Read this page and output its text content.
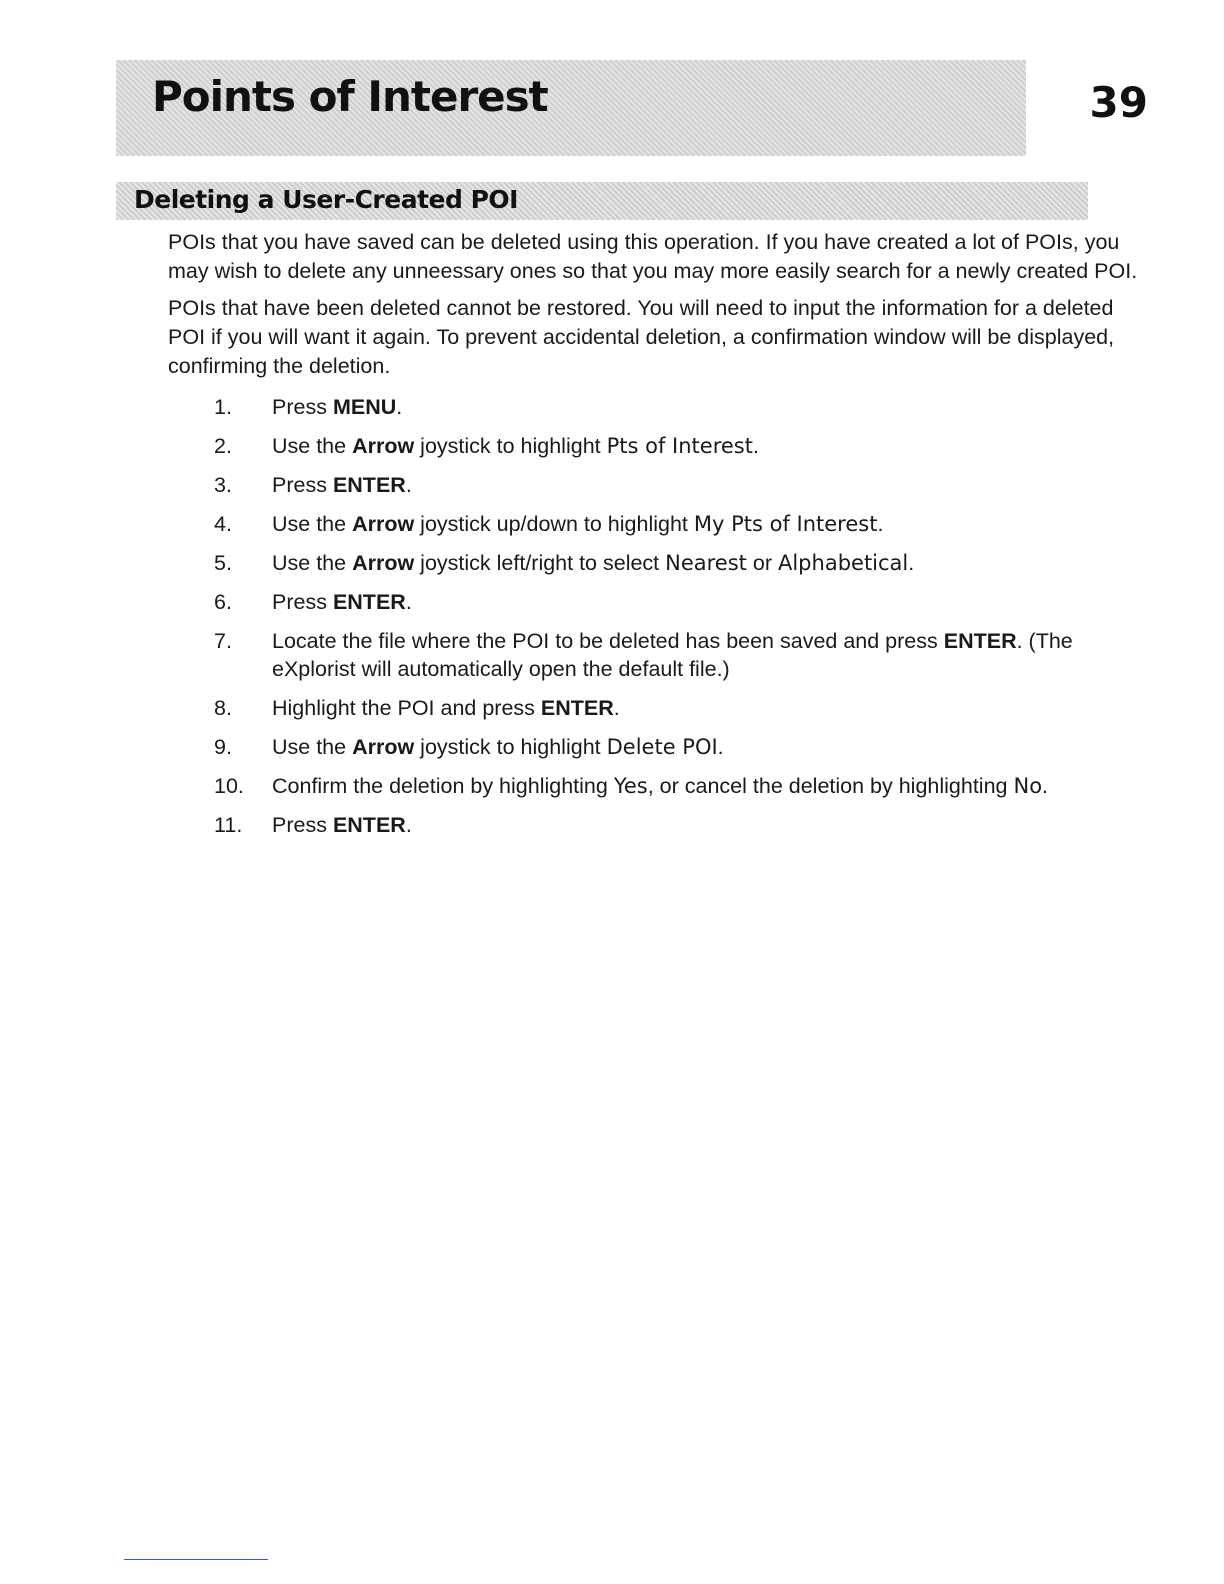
Points of Interest	39
Deleting a User-Created POI

POIs that you have saved can be deleted using this operation. If you have created a lot of POIs, you may wish to delete any unneessary ones so that you may more easily search for a newly created POI.

POIs that have been deleted cannot be restored. You will need to input the information for a deleted POI if you will want it again. To prevent accidental deletion, a confirmation window will be displayed, confirming the deletion.

1.	Press MENU.
2.	Use the Arrow joystick to highlight Pts of Interest.
3.	Press ENTER.
4.	Use the Arrow joystick up/down to highlight My Pts of Interest.
5.	Use the Arrow joystick left/right to select Nearest or Alphabetical.
6.	Press ENTER.
7.	Locate the file where the POI to be deleted has been saved and press ENTER. (The eXplorist will automatically open the default file.)
8.	Highlight the POI and press ENTER.
9.	Use the Arrow joystick to highlight Delete POI.
10.	Confirm the deletion by highlighting Yes, or cancel the deletion by highlighting No.
11.	Press ENTER.
